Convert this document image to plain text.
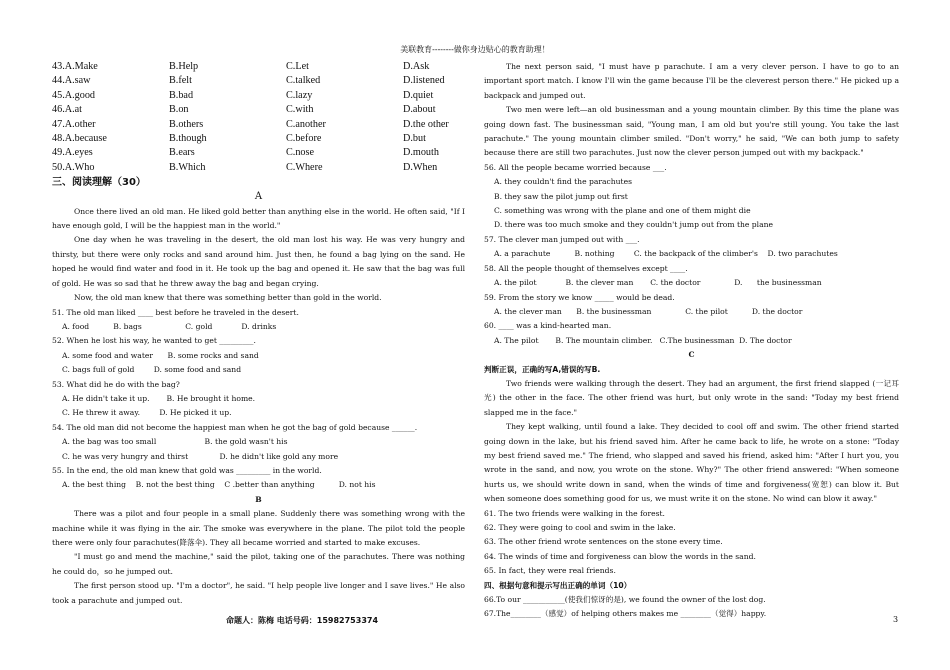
美联教育--------做你身边贴心的教育助理！
43.A.Make	B.Help	C.Let	D.Ask
44.A.saw	B.felt	C.talked	D.listened
45.A.good	B.bad	C.lazy	D.quiet
46.A.at	B.on	C.with	D.about
47.A.other	B.others	C.another	D.the other
48.A.because	B.though	C.before	D.but
49.A.eyes	B.ears	C.nose	D.mouth
50.A.Who	B.Which	C.Where	D.When
三、阅读理解（30）
A

Once there lived an old man. He liked gold better than anything else in the world. He often said, "If I have enough gold, I will be the happiest man in the world."

One day when he was traveling in the desert, the old man lost his way. He was very hungry and thirsty, but there were only rocks and sand around him. Just then, he found a bag lying on the sand. He hoped he would find water and food in it. He took up the bag and opened it. He saw that the bag was full of gold. He was so sad that he threw away the bag and began crying.

Now, the old man knew that there was something better than gold in the world.

51. The old man liked ____ best before he traveled in the desert.
A. food          B. bags                  C. gold            D. drinks
52. When he lost his way, he wanted to get _________.
A. some food and water      B. some rocks and sand
C. bags full of gold        D. some food and sand
53. What did he do with the bag?
A. He didn't take it up.       B. He brought it home.
C. He threw it away.        D. He picked it up.
54. The old man did not become the happiest man when he got the bag of gold because ______.
A. the bag was too small                    B. the gold wasn't his
C. he was very hungry and thirst             D. he didn't like gold any more
55. In the end, the old man knew that gold was _________ in the world.
A. the best thing    B. not the best thing    C .better than anything          D. not his
B

There was a pilot and four people in a small plane. Suddenly there was something wrong with the machine while it was flying in the air. The smoke was everywhere in the plane. The pilot told the people there were only four parachutes(降落伞). They all became worried and started to make excuses.

"I must go and mend the machine," said the pilot, taking one of the parachutes. There was nothing he could do，so he jumped out.

The first person stood up. "I'm a doctor", he said. "I help people live longer and I save lives." He also took a parachute and jumped out.

The next person said, "I must have p parachute. I am a very clever person. I have to go to an important sport match. I know I'll win the game because I'll be the cleverest person there." He picked up a backpack and jumped out.

Two men were left—an old businessman and a young mountain climber. By this time the plane was going down fast. The businessman said, "Young man, I am old but you're still young. You take the last parachute." The young mountain climber smiled. "Don't worry," he said, "We can both jump to safety because there are still two parachutes. Just now the clever person jumped out with my backpack."

56. All the people became worried because ___.
A. they couldn't find the parachutes
B. they saw the pilot jump out first
C. something was wrong with the plane and one of them might die
D. there was too much smoke and they couldn't jump out from the plane
57. The clever man jumped out with ___.
A. a parachute          B. nothing        C. the backpack of the climber's    D. two parachutes
58. All the people thought of themselves except ____.
A. the pilot            B. the clever man       C. the doctor              D.      the businessman
59. From the story we know _____ would be dead.
A. the clever man      B. the businessman              C. the pilot          D. the doctor
60. ____ was a kind-hearted man.
A. The pilot       B. The mountain climber.   C.The businessman  D. The doctor
C
判断正误，正确的写A,错误的写B.

Two friends were walking through the desert. They had an argument, the first friend slapped (一记耳光) the other in the face. The other friend was hurt, but only wrote in the sand: "Today my best friend slapped me in the face."

They kept walking, until found a lake. They decided to cool off and swim. The other friend started going down in the lake, but his friend saved him. After he came back to life, he wrote on a stone: "Today my best friend saved me." The friend, who slapped and saved his friend, asked him: "After I hurt you, you wrote in the sand, and now, you wrote on the stone. Why?" The other friend answered: "When someone hurts us, we should write down in sand, when the winds of time and forgiveness(宽恕) can blow it. But when someone does something good for us, we must write it on the stone. No wind can blow it away."

61. The two friends were walking in the forest.
62. They were going to cool and swim in the lake.
63. The other friend wrote sentences on the stone every time.
64. The winds of time and forgiveness can blow the words in the sand.
65. In fact, they were real friends.
四、根据句意和提示写出正确的单词（10）

66.To our ___________(使我们惊讶的是), we found the owner of the lost dog.

67.The________（感觉）of helping others makes me ________（觉得）happy.

命题人：陈梅 电话号码：15982753374	3
